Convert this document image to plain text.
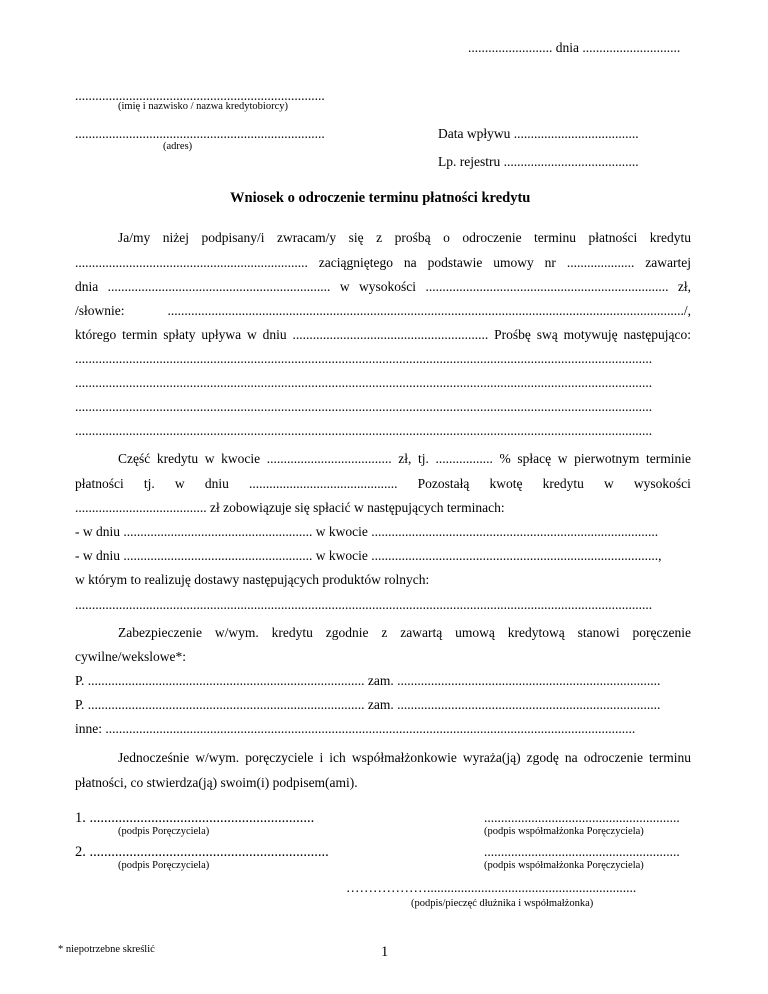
......................... dnia .............................
..........................................................................
(imię i nazwisko / nazwa kredytobiorcy)
..........................................................................
(adres)
Data wpływu .....................................
Lp. rejestru ........................................
Wniosek o odroczenie terminu płatności kredytu
Ja/my niżej podpisany/i zwracam/y się z prośbą o odroczenie terminu płatności kredytu
..................................................................... zaciągniętego na podstawie umowy nr .................... zawartej
dnia .................................................................. w wysokości ........................................................................ zł,
/słownie: ........................................................................................................................................................./,
którego termin spłaty upływa w dniu .......................................................... Prośbę swą motywuję następująco:
...........................................................................................................................................................................
...........................................................................................................................................................................
...........................................................................................................................................................................
...........................................................................................................................................................................
Część kredytu w kwocie ..................................... zł, tj. ................. % spłacę w pierwotnym terminie
płatności tj. w dniu ............................................ Pozostałą kwotę kredytu w wysokości
....................................... zł zobowiązuje się spłacić w następujących terminach:
- w dniu ........................................................ w kwocie .....................................................................................
- w dniu ........................................................ w kwocie .....................................................................................,
w którym to realizuję dostawy następujących produktów rolnych:
...........................................................................................................................................................................
Zabezpieczenie w/wym. kredytu zgodnie z zawartą umową kredytową stanowi poręczenie
cywilne/wekslowe*:
P. .................................................................................. zam. ..............................................................................
P. .................................................................................. zam. ..............................................................................
inne: .............................................................................................................................................................
Jednocześnie w/wym. poręczyciele i ich współmałżonkowie wyraża(ją) zgodę na odroczenie terminu
płatności, co stwierdza(ją) swoim(i) podpisem(ami).
1. ..............................................................
(podpis Poręczyciela)
..........................................................
(podpis współmałżonka Poręczyciela)
2. ..................................................................
(podpis Poręczyciela)
..........................................................
(podpis współmałżonka Poręczyciela)
………………..............................................................
(podpis/pieczęć dłużnika i współmałżonka)
* niepotrzebne skreślić	1
